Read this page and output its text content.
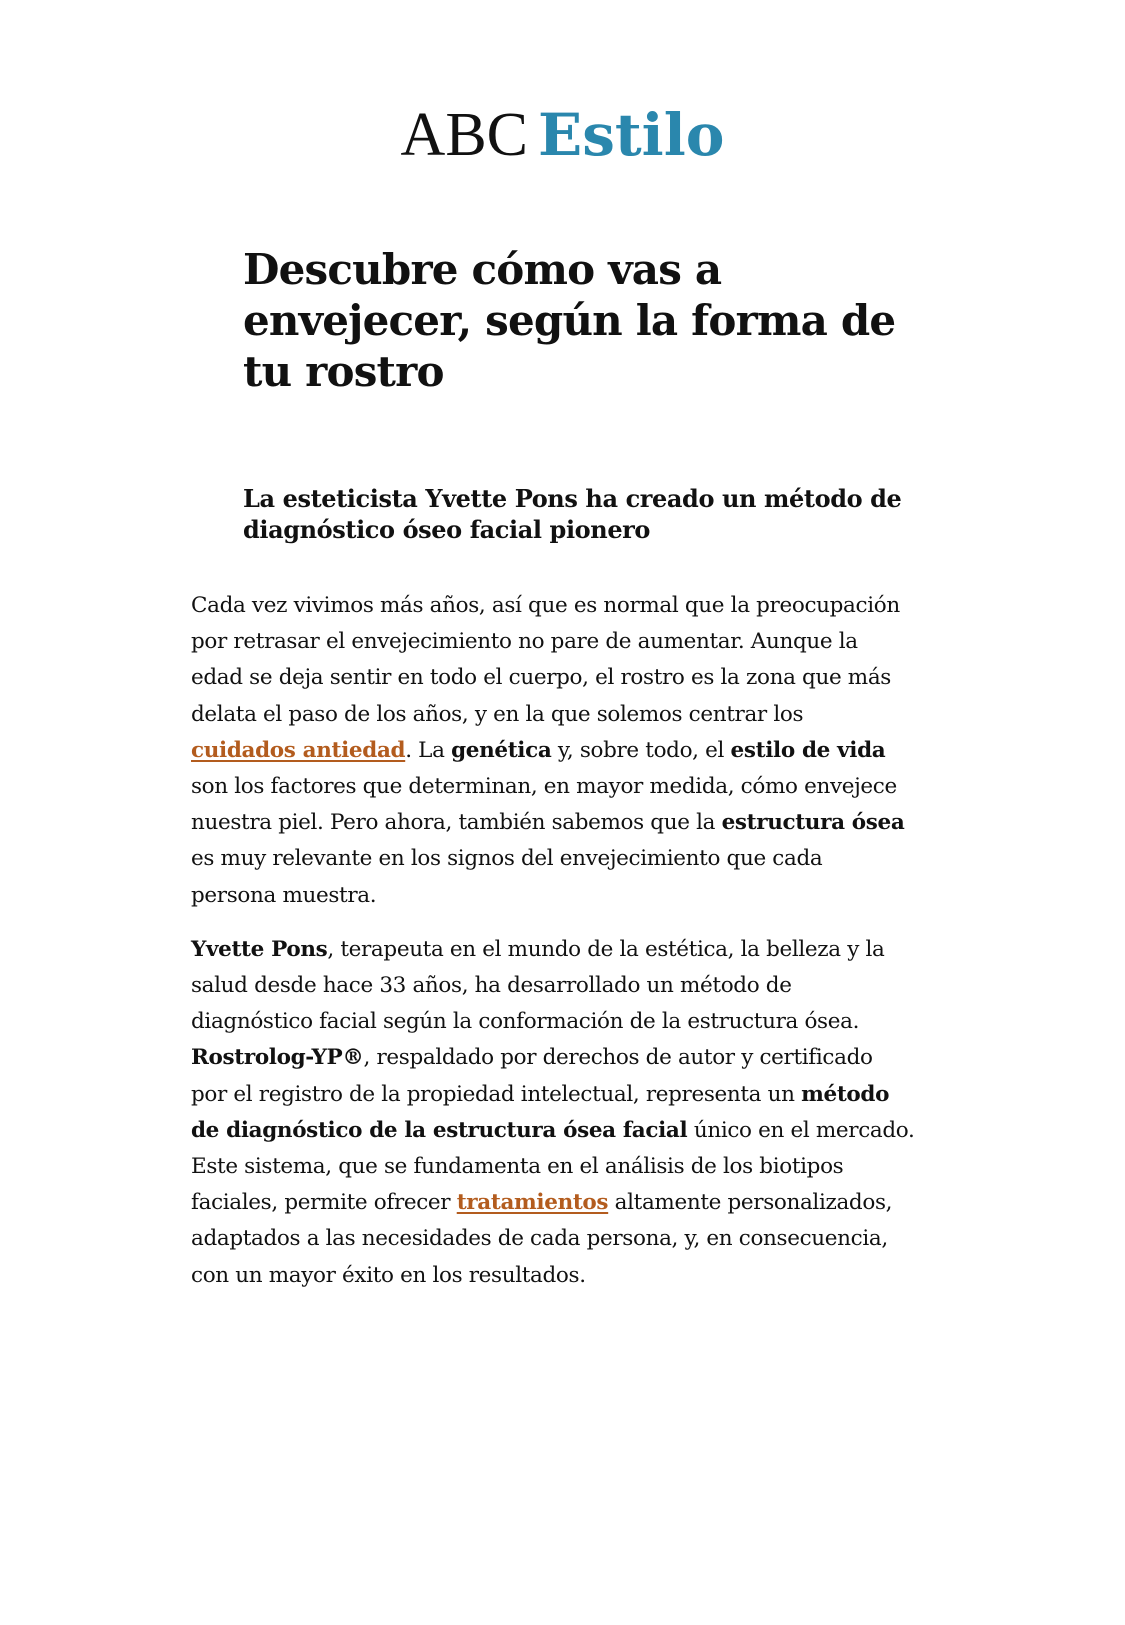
ABC Estilo
Descubre cómo vas a
envejecer, según la forma de
tu rostro
La esteticista Yvette Pons ha creado un método de
diagnóstico óseo facial pionero

Cada vez vivimos más años, así que es normal que la preocupación
por retrasar el envejecimiento no pare de aumentar. Aunque la
edad se deja sentir en todo el cuerpo, el rostro es la zona que más
delata el paso de los años, y en la que solemos centrar los
cuidados antiedad. La genética y, sobre todo, el estilo de vida
son los factores que determinan, en mayor medida, cómo envejece
nuestra piel. Pero ahora, también sabemos que la estructura ósea
es muy relevante en los signos del envejecimiento que cada
persona muestra.

Yvette Pons, terapeuta en el mundo de la estética, la belleza y la
salud desde hace 33 años, ha desarrollado un método de
diagnóstico facial según la conformación de la estructura ósea.
Rostrolog-YP®, respaldado por derechos de autor y certificado
por el registro de la propiedad intelectual, representa un método
de diagnóstico de la estructura ósea facial único en el mercado.
Este sistema, que se fundamenta en el análisis de los biotipos
faciales, permite ofrecer tratamientos altamente personalizados,
adaptados a las necesidades de cada persona, y, en consecuencia,
con un mayor éxito en los resultados.
